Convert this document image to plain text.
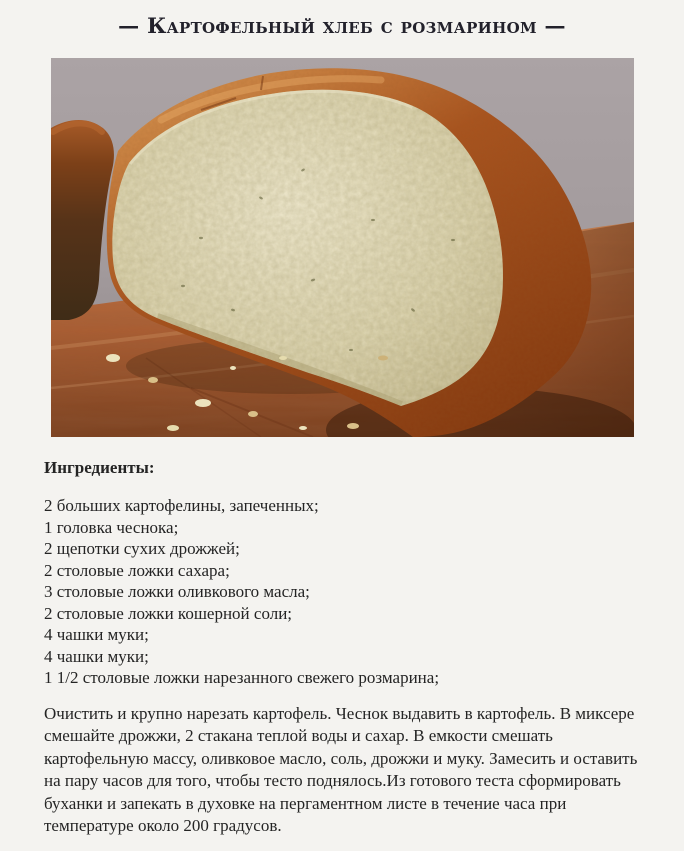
— Картофельный хлеб с розмарином —
Ингредиенты:
2 больших картофелины, запеченных;
1 головка чеснока;
2 щепотки сухих дрожжей;
2 столовые ложки сахара;
3 столовые ложки оливкового масла;
2 столовые ложки кошерной соли;
4 чашки муки;
4 чашки муки;
1 1/2 столовые ложки нарезанного свежего розмарина;

Очистить и крупно нарезать картофель. Чеснок выдавить в картофель. В миксере смешайте дрожжи, 2 стакана теплой воды и сахар. В емкости смешать картофельную массу, оливковое масло, соль, дрожжи и муку. Замесить и оставить на пару часов для того, чтобы тесто поднялось.Из готового теста сформировать буханки и запекать в духовке на пергаментном листе в течение часа при температуре около 200 градусов.
